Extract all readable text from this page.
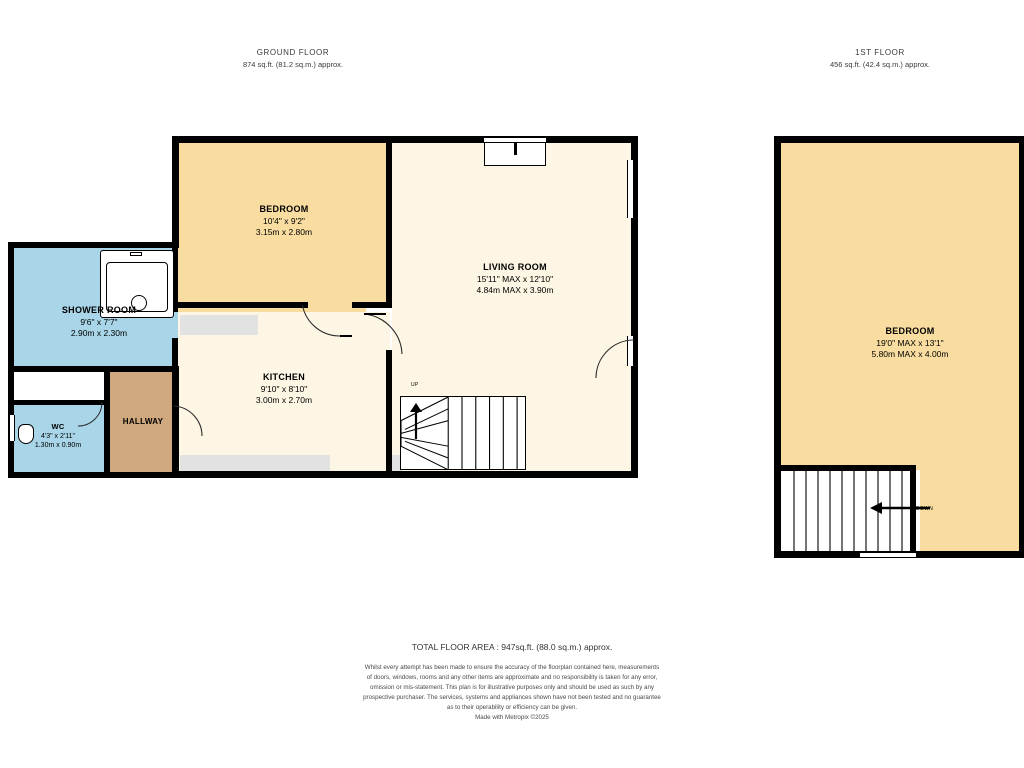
GROUND FLOOR
874 sq.ft. (81.2 sq.m.) approx.
1ST FLOOR
456 sq.ft. (42.4 sq.m.) approx.
UP
BEDROOM
10'4" x 9'2"
3.15m x 2.80m
LIVING ROOM
15'11" MAX x 12'10"
4.84m MAX x 3.90m
SHOWER ROOM
9'6" x 7'7"
2.90m x 2.30m
KITCHEN
9'10" x 8'10"
3.00m x 2.70m
WC
4'3" x 2'11"
1.30m x 0.90m
HALLWAY
DOWN
BEDROOM
19'0" MAX x 13'1"
5.80m MAX x 4.00m
TOTAL FLOOR AREA : 947sq.ft. (88.0 sq.m.) approx.
Whilst every attempt has been made to ensure the accuracy of the floorplan contained here, measurements
of doors, windows, rooms and any other items are approximate and no responsibility is taken for any error,
omission or mis-statement. This plan is for illustrative purposes only and should be used as such by any
prospective purchaser. The services, systems and appliances shown have not been tested and no guarantee
as to their operability or efficiency can be given.
Made with Metropix ©2025
